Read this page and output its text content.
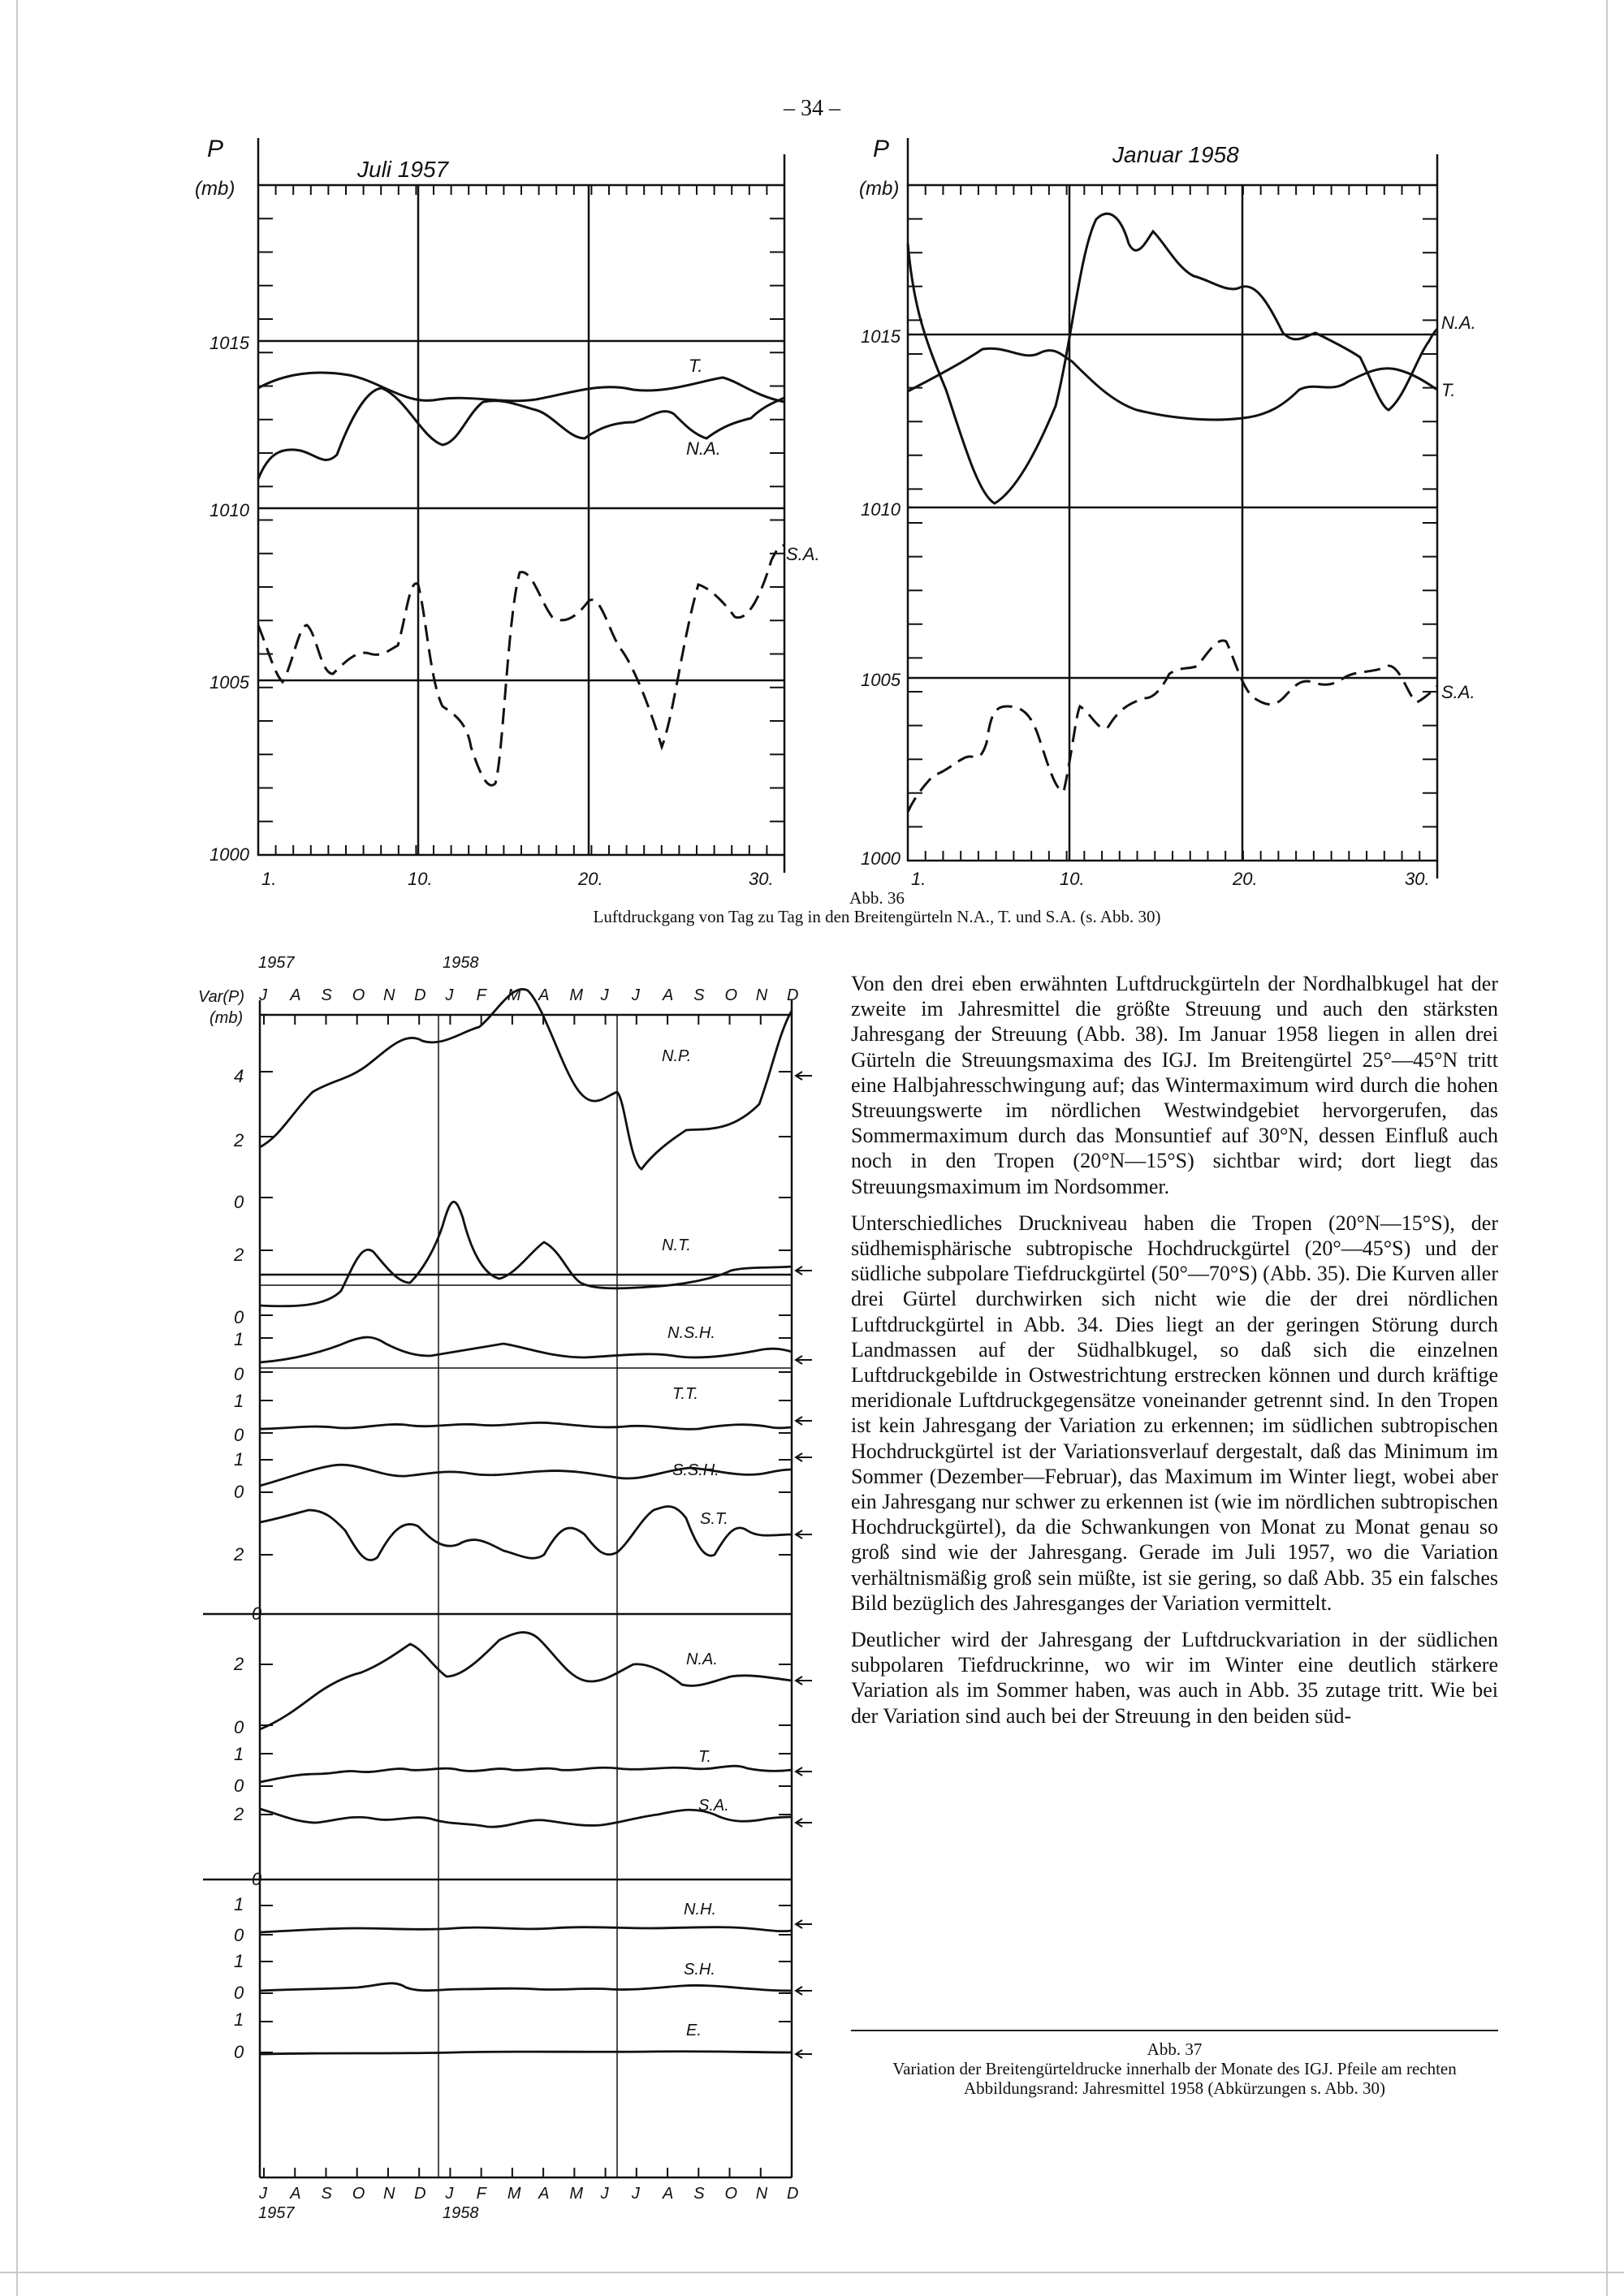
– 34 –
P
(mb)
Juli 1957
1015
1010
1005
1000
1.	10.	20.	30.
T.
N.A.
S.A.
P
(mb)
Januar 1958
1015
1010
1005
1000
1.	10.	20.	30.
N.A.
T.
S.A.
Abb. 36
Luftdruckgang von Tag zu Tag in den Breitengürteln N.A., T. und S.A. (s. Abb. 30)
1957	1958
Var(P)
(mb)
J A S O N D J F M A M J J A S O N D
J A S O N D J F M A M J J A S O N D
1957	1958
4
2
0
2
0
1
0
1
0
1
0
2
0
2
0
1
0
2
0
1
0
1
0
1
0
N.P.
N.T.
N.S.H.
T.T.
S.S.H.
S.T.
N.A.
T.
S.A.
N.H.
S.H.
E.

Von den drei eben erwähnten Luftdruckgürteln der Nordhalbkugel hat der zweite im Jahresmittel die größte Streuung und auch den stärksten Jahresgang der Streuung (Abb. 38). Im Januar 1958 liegen in allen drei Gürteln die Streuungsmaxima des IGJ. Im Breitengürtel 25°—45°N tritt eine Halbjahresschwingung auf; das Wintermaximum wird durch die hohen Streuungswerte im nördlichen Westwindgebiet hervorgerufen, das Sommermaximum durch das Monsuntief auf 30°N, dessen Einfluß auch noch in den Tropen (20°N—15°S) sichtbar wird; dort liegt das Streuungsmaximum im Nordsommer.

Unterschiedliches Druckniveau haben die Tropen (20°N—15°S), der südhemisphärische subtropische Hochdruckgürtel (20°—45°S) und der südliche subpolare Tiefdruckgürtel (50°—70°S) (Abb. 35). Die Kurven aller drei Gürtel durchwirken sich nicht wie die der drei nördlichen Luftdruckgürtel in Abb. 34. Dies liegt an der geringen Störung durch Landmassen auf der Südhalbkugel, so daß sich die einzelnen Luftdruckgebilde in Ostwestrichtung erstrecken können und durch kräftige meridionale Luftdruckgegensätze voneinander getrennt sind. In den Tropen ist kein Jahresgang der Variation zu erkennen; im südlichen subtropischen Hochdruckgürtel ist der Variationsverlauf dergestalt, daß das Minimum im Sommer (Dezember—Februar), das Maximum im Winter liegt, wobei aber ein Jahresgang nur schwer zu erkennen ist (wie im nördlichen subtropischen Hochdruckgürtel), da die Schwankungen von Monat zu Monat genau so groß sind wie der Jahresgang. Gerade im Juli 1957, wo die Variation verhältnismäßig groß sein müßte, ist sie gering, so daß Abb. 35 ein falsches Bild bezüglich des Jahresganges der Variation vermittelt.

Deutlicher wird der Jahresgang der Luftdruckvariation in der südlichen subpolaren Tiefdruckrinne, wo wir im Winter eine deutlich stärkere Variation als im Sommer haben, was auch in Abb. 35 zutage tritt. Wie bei der Variation sind auch bei der Streuung in den beiden süd-

Abb. 37
Variation der Breitengürteldrucke innerhalb der Monate des IGJ. Pfeile am rechten Abbildungsrand: Jahresmittel 1958 (Abkürzungen s. Abb. 30)
